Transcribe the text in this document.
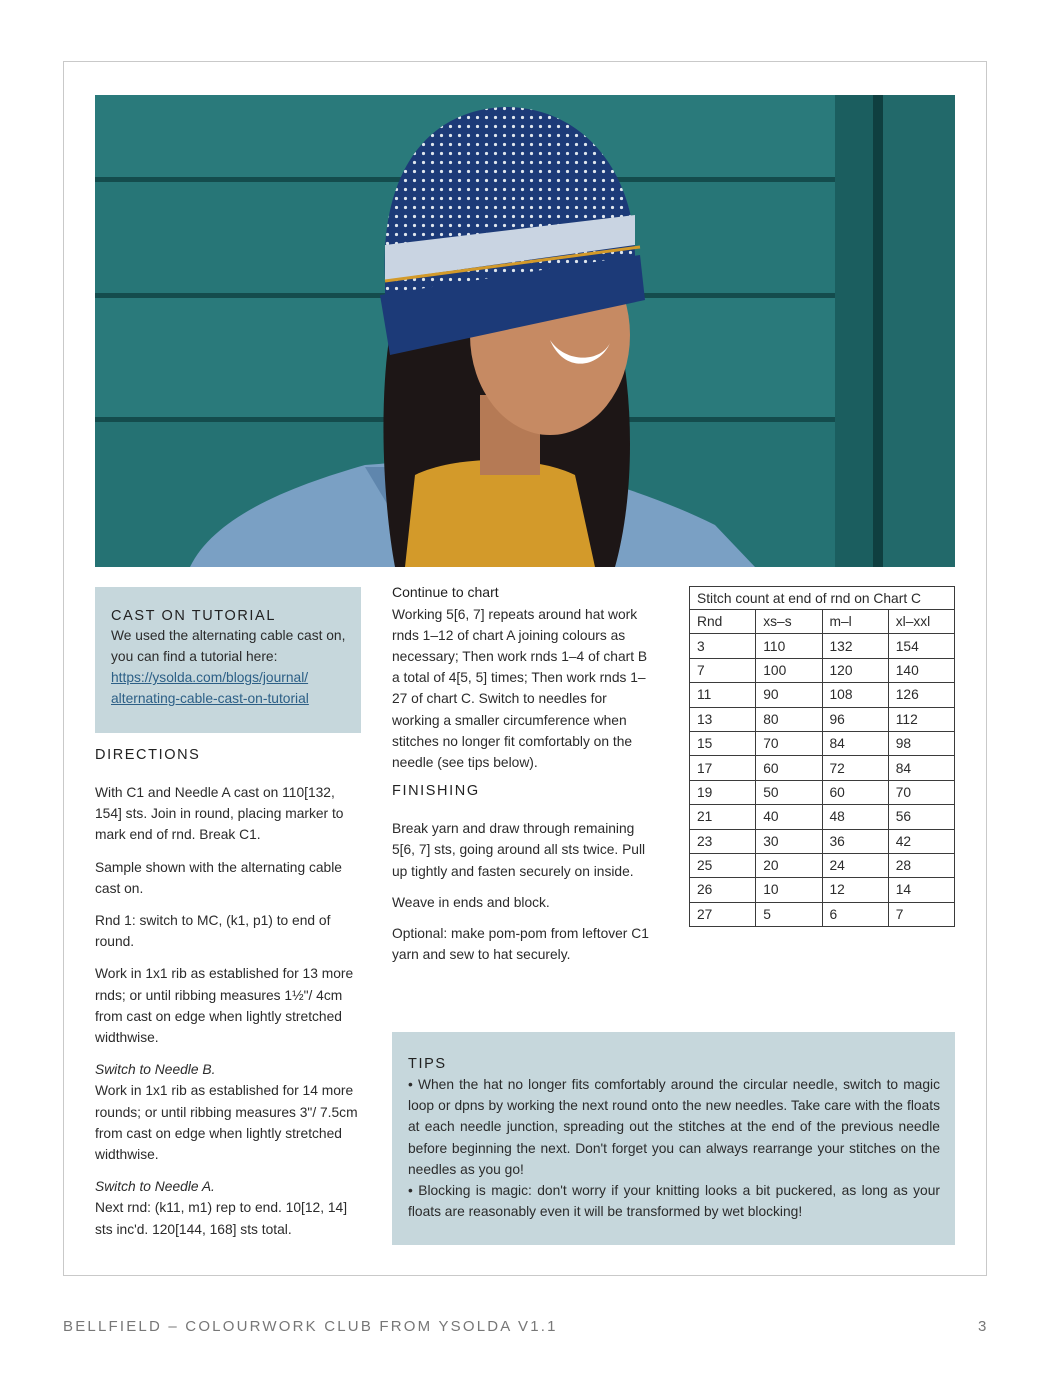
CAST ON TUTORIAL
We used the alternating cable cast on, you can find a tutorial here:
https://ysolda.com/blogs/journal/
alternating-cable-cast-on-tutorial
DIRECTIONS

With C1 and Needle A cast on 110[132, 154] sts. Join in round, placing marker to mark end of rnd. Break C1.

Sample shown with the alternating cable cast on.

Rnd 1: switch to MC, (k1, p1) to end of round.

Work in 1x1 rib as established for 13 more rnds; or until ribbing measures 1½"/ 4cm from cast on edge when lightly stretched widthwise.

Switch to Needle B.

Work in 1x1 rib as established for 14 more rounds; or until ribbing measures 3"/ 7.5cm from cast on edge when lightly stretched widthwise.

Switch to Needle A.

Next rnd: (k11, m1) rep to end. 10[12, 14] sts inc'd. 120[144, 168] sts total.

Continue to chart

Working 5[6, 7] repeats around hat work rnds 1–12 of chart A joining colours as necessary; Then work rnds 1–4 of chart B a total of 4[5, 5] times; Then work rnds 1–27 of chart C. Switch to needles for working a smaller circumference when stitches no longer fit comfortably on the needle (see tips below).

FINISHING

Break yarn and draw through remaining 5[6, 7] sts, going around all sts twice. Pull up tightly and fasten securely on inside.

Weave in ends and block.

Optional: make pom-pom from leftover C1 yarn and sew to hat securely.

Stitch count at end of rnd on Chart C			
Rnd	xs–s	m–l	xl–xxl
3	110	132	154
7	100	120	140
11	90	108	126
13	80	96	112
15	70	84	98
17	60	72	84
19	50	60	70
21	40	48	56
23	30	36	42
25	20	24	28
26	10	12	14
27	5	6	7
TIPS

• When the hat no longer fits comfortably around the circular needle, switch to magic loop or dpns by working the next round onto the new needles. Take care with the floats at each needle junction, spreading out the stitches at the end of the previous needle before beginning the next. Don't forget you can always rearrange your stitches on the needles as you go!

• Blocking is magic: don't worry if your knitting looks a bit puckered, as long as your floats are reasonably even it will be transformed by wet blocking!

BELLFIELD – COLOURWORK CLUB FROM YSOLDA V1.1	3
